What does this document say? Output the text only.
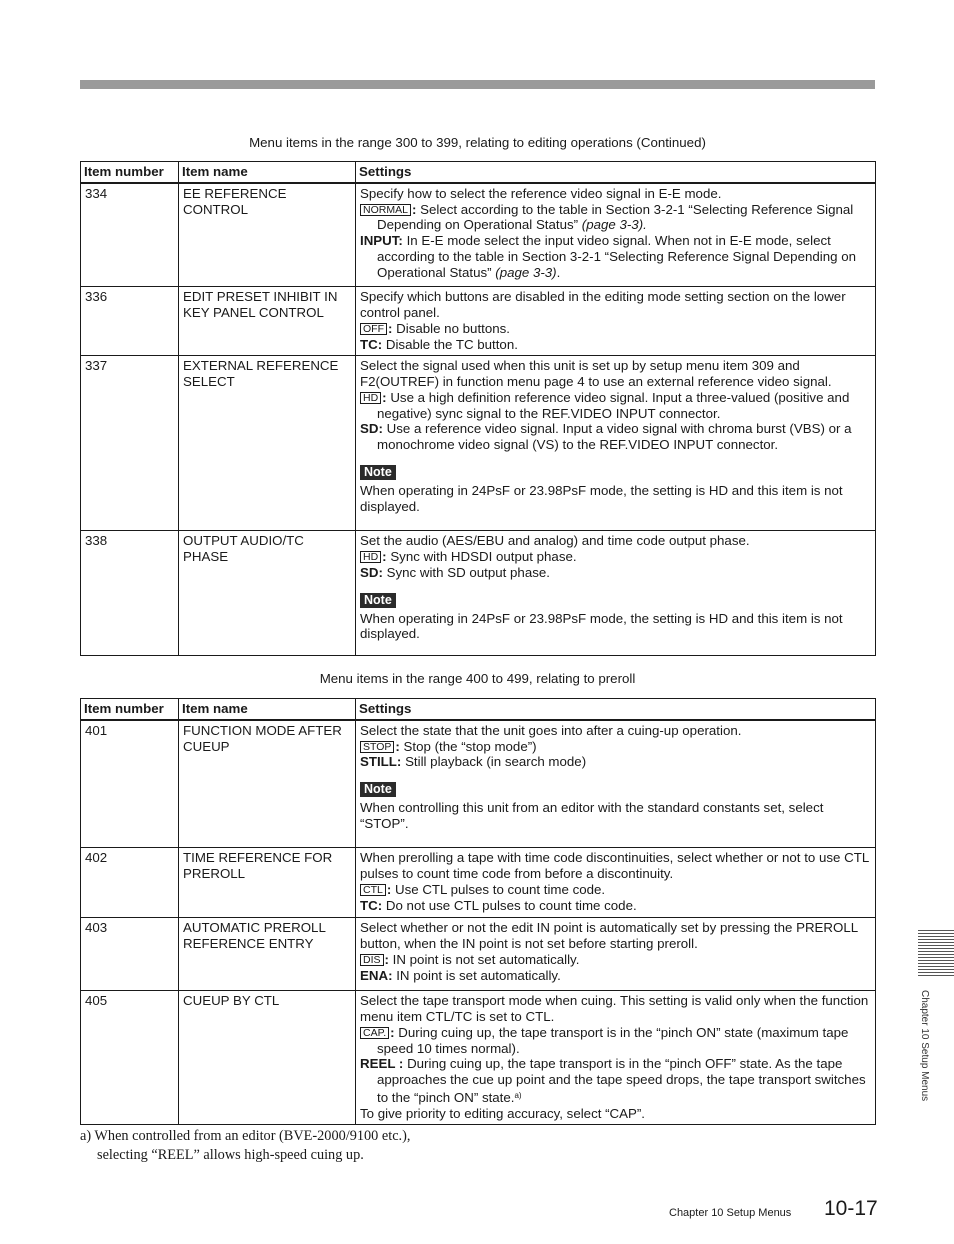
Menu items in the range 300 to 399, relating to editing operations (Continued)
Item number	Item name	Settings
334	EE REFERENCE CONTROL	Specify how to select the reference video signal in E-E mode.
NORMAL : Select according to the table in Section 3-2-1 “Selecting Reference Signal Depending on Operational Status” (page 3-3).
INPUT: In E-E mode select the input video signal. When not in E-E mode, select according to the table in Section 3-2-1 “Selecting Reference Signal Depending on Operational Status” (page 3-3).

336	EDIT PRESET INHIBIT IN KEY PANEL CONTROL	Specify which buttons are disabled in the editing mode setting section on the lower control panel.
OFF : Disable no buttons.
TC: Disable the TC button.

337	EXTERNAL REFERENCE SELECT	Select the signal used when this unit is set up by setup menu item 309 and F2(OUTREF) in function menu page 4 to use an external reference video signal.
HD : Use a high definition reference video signal. Input a three-valued (positive and negative) sync signal to the REF.VIDEO INPUT connector.
SD: Use a reference video signal. Input a video signal with chroma burst (VBS) or a monochrome video signal (VS) to the REF.VIDEO INPUT connector.
Note
When operating in 24PsF or 23.98PsF mode, the setting is HD and this item is not displayed.

338	OUTPUT AUDIO/TC PHASE	Set the audio (AES/EBU and analog) and time code output phase.
HD : Sync with HDSDI output phase.
SD: Sync with SD output phase.
Note
When operating in 24PsF or 23.98PsF mode, the setting is HD and this item is not displayed.
Menu items in the range 400 to 499, relating to preroll
Item number	Item name	Settings
401	FUNCTION MODE AFTER CUEUP	Select the state that the unit goes into after a cuing-up operation.
STOP : Stop (the “stop mode”)
STILL: Still playback (in search mode)
Note
When controlling this unit from an editor with the standard constants set, select “STOP”.

402	TIME REFERENCE FOR PREROLL	When prerolling a tape with time code discontinuities, select whether or not to use CTL pulses to count time code from before a discontinuity.
CTL : Use CTL pulses to count time code.
TC: Do not use CTL pulses to count time code.

403	AUTOMATIC PREROLL REFERENCE ENTRY	Select whether or not the edit IN point is automatically set by pressing the PREROLL button, when the IN point is not set before starting preroll.
DIS : IN point is not set automatically.
ENA: IN point is set automatically.

405	CUEUP BY CTL	Select the tape transport mode when cuing. This setting is valid only when the function menu item CTL/TC is set to CTL.
CAP. : During cuing up, the tape transport is in the “pinch ON” state (maximum tape speed 10 times normal).
REEL : During cuing up, the tape transport is in the “pinch OFF” state. As the tape approaches the cue up point and the tape speed drops, the tape transport switches to the “pinch ON” state.$^{a)}$
To give priority to editing accuracy, select “CAP”.
a) When controlled from an editor (BVE-2000/9100 etc.),
selecting “REEL” allows high-speed cuing up.
Chapter 10 Setup Menus
Chapter 10 Setup Menus 10-17
